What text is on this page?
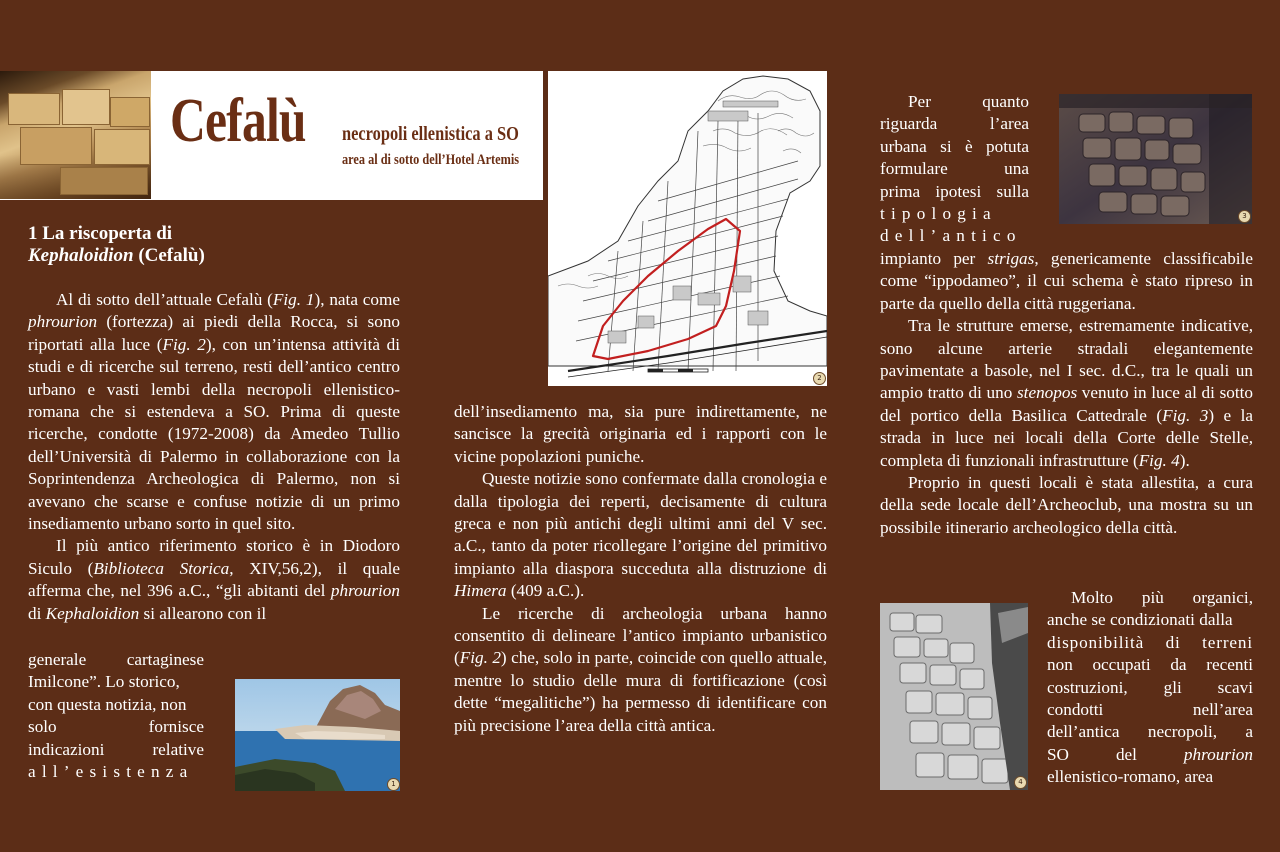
Cefalù necropoli ellenistica a SO
area al di sotto dell’Hotel Artemis
1 La riscoperta di
Kephaloidion (Cefalù)

Al di sotto dell’attuale Cefalù (Fig. 1), nata come phrourion (fortezza) ai piedi della Rocca, si sono riportati alla luce (Fig. 2), con un’intensa attività di studi e di ricerche sul terreno, resti dell’antico centro urbano e vasti lembi della necropoli ellenistico-romana che si estendeva a SO. Prima di queste ricerche, condotte (1972-2008) da Amedeo Tullio dell’Università di Palermo in collaborazione con la Soprintendenza Archeologica di Palermo, non si avevano che scarse e confuse notizie di un primo insediamento urbano sorto in quel sito.

Il più antico riferimento storico è in Diodoro Siculo (Biblioteca Storica, XIV,56,2), il quale afferma che, nel 396 a.C., “gli abitanti del phrourion di Kephaloidion si allearono con il

generale cartaginese

Imilcone”. Lo storico,

con questa notizia, non

solo fornisce

indicazioni relative

all’esistenza

1
2

dell’insediamento ma, sia pure indirettamente, ne sancisce la grecità originaria ed i rapporti con le vicine popolazioni puniche.

Queste notizie sono confermate dalla cronologia e dalla tipologia dei reperti, decisamente di cultura greca e non più antichi degli ultimi anni del V sec. a.C., tanto da poter ricollegare l’origine del primitivo impianto alla diaspora succeduta alla distruzione di Himera (409 a.C.).

Le ricerche di archeologia urbana hanno consentito di delineare l’antico impianto urbanistico (Fig. 2) che, solo in parte, coincide con quello attuale, mentre lo studio delle mura di fortificazione (così dette “megalitiche”) ha permesso di identificare con più precisione l’area della città antica.

3

Per quanto

riguarda l’area

urbana si è potuta

formulare una

prima ipotesi sulla

tipologia

dell’antico

impianto per strigas, genericamente classificabile come “ippodameo”, il cui schema è stato ripreso in parte da quello della città ruggeriana.

Tra le strutture emerse, estremamente indicative, sono alcune arterie stradali elegantemente pavimentate a basole, nel I sec. d.C., tra le quali un ampio tratto di uno stenopos venuto in luce al di sotto del portico della Basilica Cattedrale (Fig. 3) e la strada in luce nei locali della Corte delle Stelle, completa di funzionali infrastrutture (Fig. 4).

Proprio in questi locali è stata allestita, a cura della sede locale dell’Archeoclub, una mostra su un possibile itinerario archeologico della città.

4

Molto più organici,

anche se condizionati dalla

disponibilità di terreni

non occupati da recenti

costruzioni, gli scavi

condotti nell’area

dell’antica necropoli, a

SO del phrourion

ellenistico-romano, area
